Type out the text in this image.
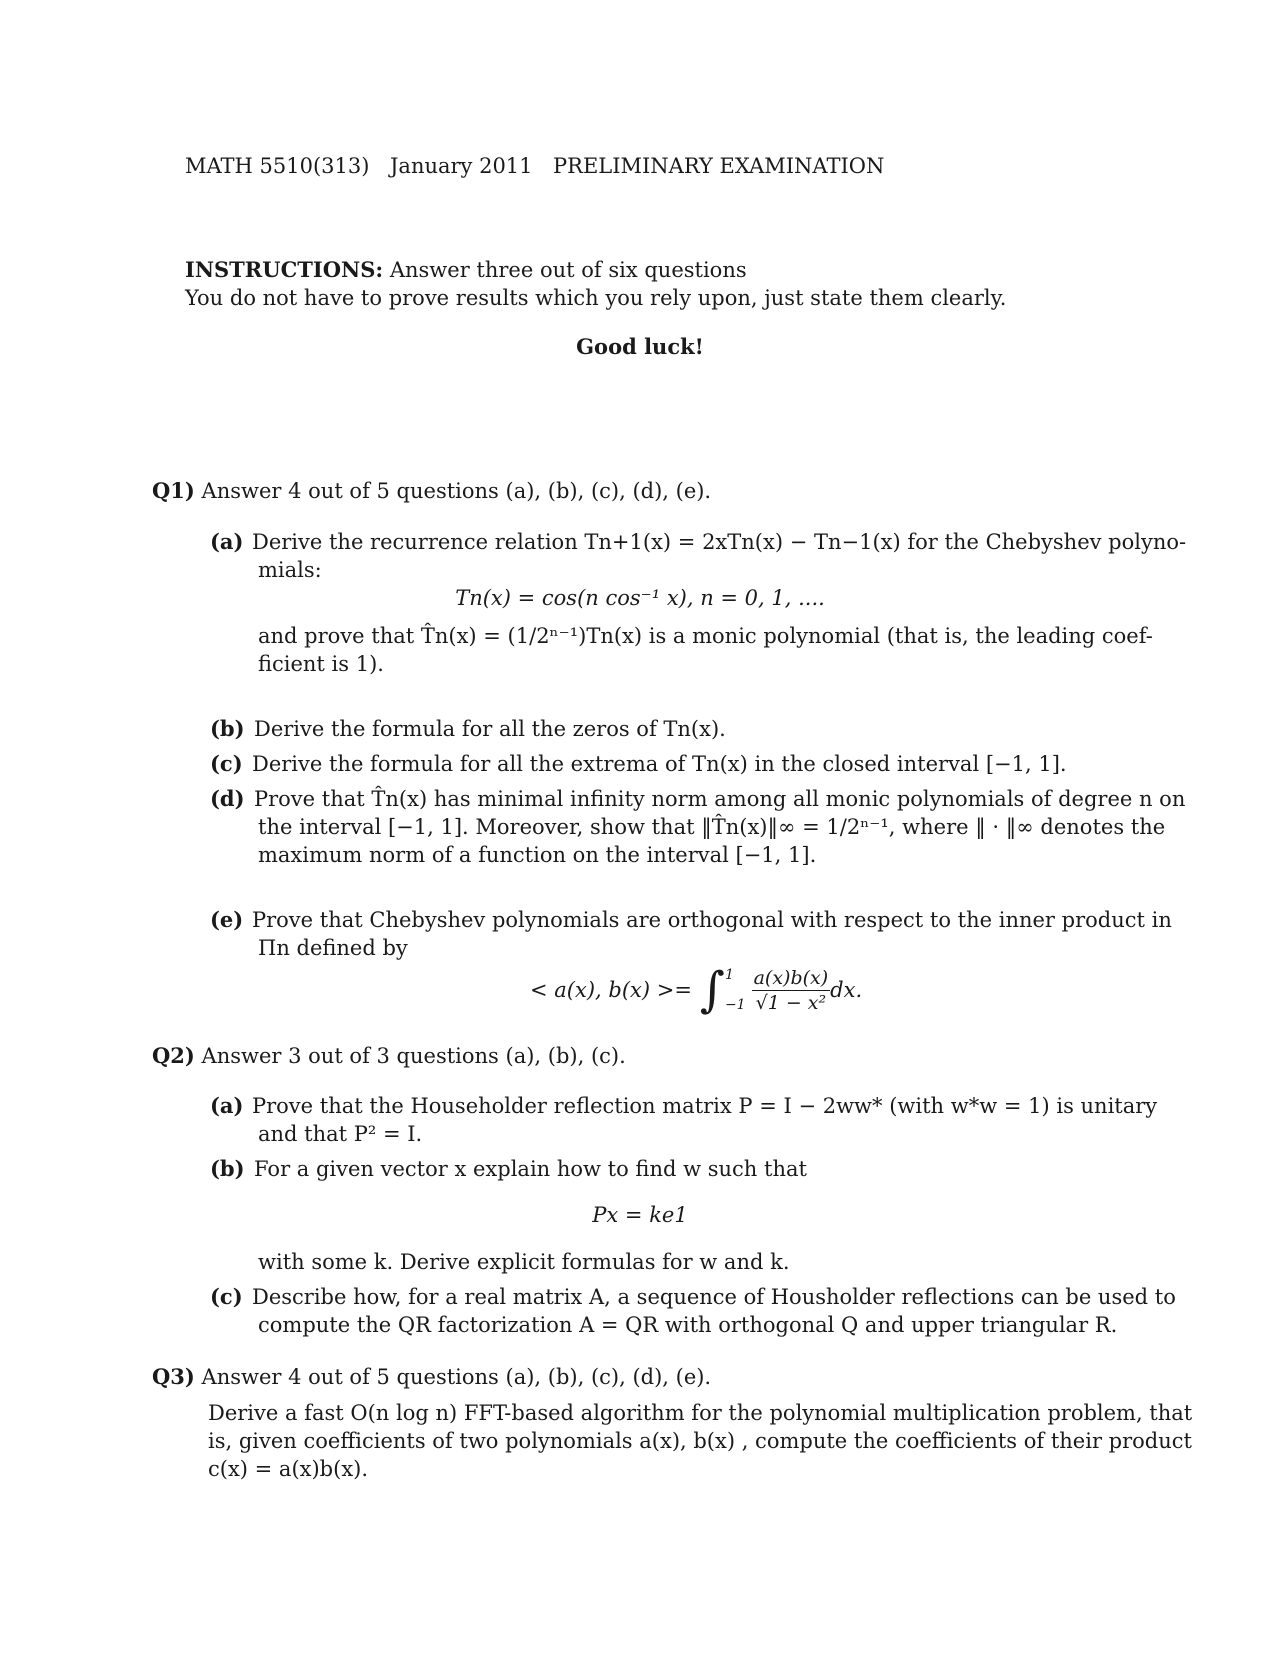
MATH 5510(313) January 2011 PRELIMINARY EXAMINATION
INSTRUCTIONS: Answer three out of six questions
You do not have to prove results which you rely upon, just state them clearly.
Good luck!
Q1) Answer 4 out of 5 questions (a), (b), (c), (d), (e).
(a) Derive the recurrence relation Tn+1(x) = 2xTn(x) − Tn−1(x) for the Chebyshev polyno-
mials:
Tn(x) = cos(n cos⁻¹ x), n = 0, 1, ....
and prove that T̂n(x) = (1/2ⁿ⁻¹)Tn(x) is a monic polynomial (that is, the leading coef-
ficient is 1).
(b) Derive the formula for all the zeros of Tn(x).
(c) Derive the formula for all the extrema of Tn(x) in the closed interval [−1, 1].
(d) Prove that T̂n(x) has minimal infinity norm among all monic polynomials of degree n on
the interval [−1, 1]. Moreover, show that ‖T̂n(x)‖∞ = 1/2ⁿ⁻¹, where ‖ · ‖∞ denotes the
maximum norm of a function on the interval [−1, 1].
(e) Prove that Chebyshev polynomials are orthogonal with respect to the inner product in
Πn defined by
< a(x), b(x) >= ∫ 1
$-1 \frac{a(x)b(x)}{\text{√1 − x²}}$ dx.
Q2) Answer 3 out of 3 questions (a), (b), (c).
(a) Prove that the Householder reflection matrix P = I − 2ww* (with w*w = 1) is unitary
and that P² = I.
(b) For a given vector x explain how to find w such that
Px = ke1
with some k. Derive explicit formulas for w and k.
(c) Describe how, for a real matrix A, a sequence of Housholder reflections can be used to
compute the QR factorization A = QR with orthogonal Q and upper triangular R.
Q3) Answer 4 out of 5 questions (a), (b), (c), (d), (e).
Derive a fast O(n log n) FFT-based algorithm for the polynomial multiplication problem, that
is, given coefficients of two polynomials a(x), b(x) , compute the coefficients of their product
c(x) = a(x)b(x).
